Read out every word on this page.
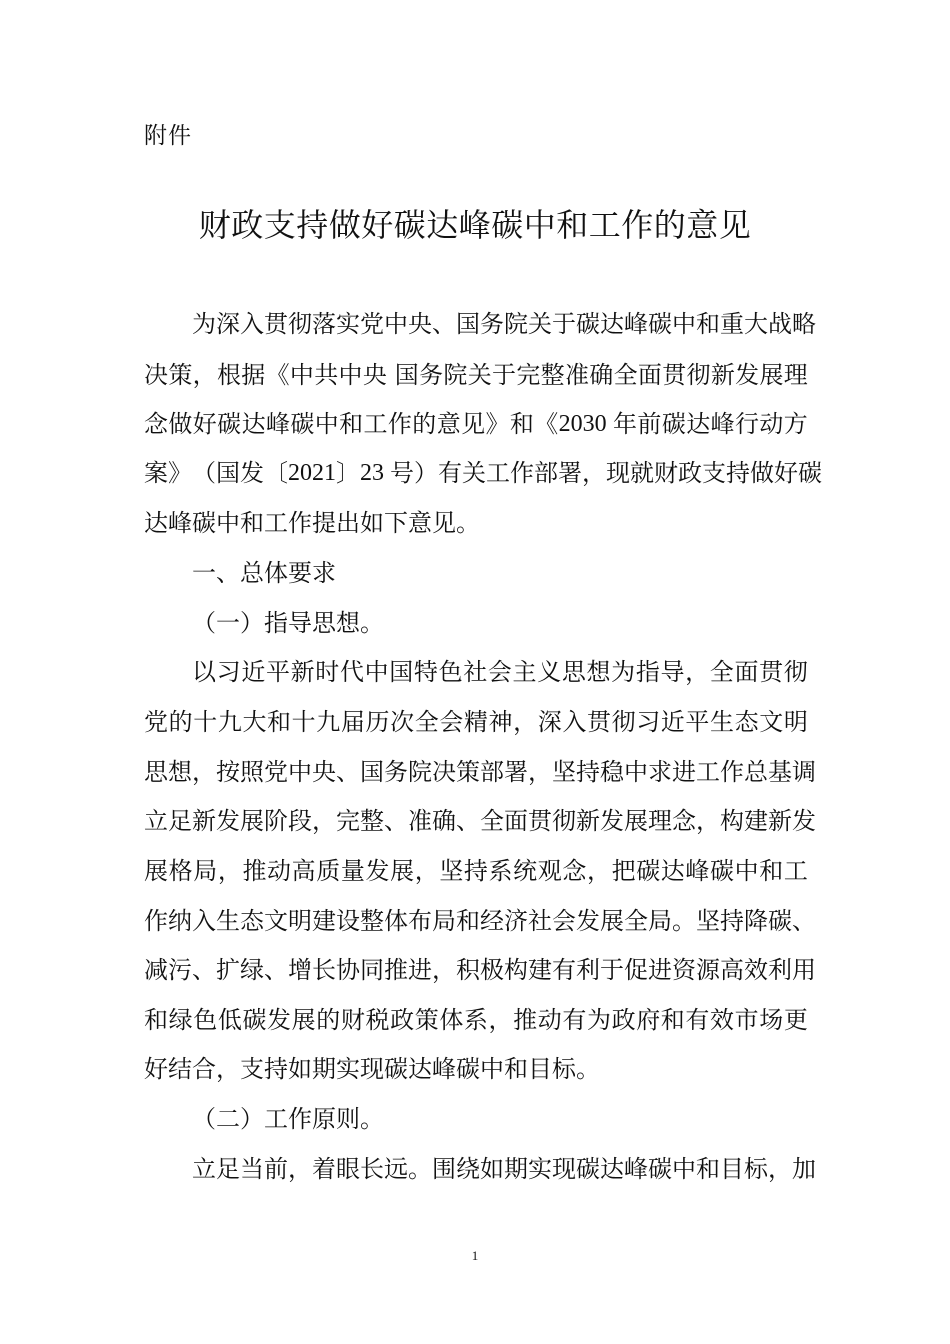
附件
财政支持做好碳达峰碳中和工作的意见
为 深 入 贯 彻 落 实 党 中 央 、 国 务 院 关 于 碳 达 峰 碳 中 和 重 大 战 略
决 策 ， 根 据 《 中 共 中 央 国 务 院 关 于 完 整 准 确 全 面 贯 彻 新 发 展 理
念 做 好 碳 达 峰 碳 中 和 工 作 的 意 见 》 和 《 2030 年 前 碳 达 峰 行 动 方
案 》 （ 国 发 〔 2021 〕 23 号 ） 有 关 工 作 部 署 ， 现 就 财 政 支 持 做 好 碳
达峰碳中和工作提出如下意见。
一、总体要求
（一）指导思想。
以 习 近 平 新 时 代 中 国 特 色 社 会 主 义 思 想 为 指 导 ， 全 面 贯 彻
党 的 十 九 大 和 十 九 届 历 次 全 会 精 神 ， 深 入 贯 彻 习 近 平 生 态 文 明
思 想 ， 按 照 党 中 央 、 国 务 院 决 策 部 署 ， 坚 持 稳 中 求 进 工 作 总 基 调
立 足 新 发 展 阶 段 ， 完 整 、 准 确 、 全 面 贯 彻 新 发 展 理 念 ， 构 建 新 发
展 格 局 ， 推 动 高 质 量 发 展 ， 坚 持 系 统 观 念 ， 把 碳 达 峰 碳 中 和 工
作 纳 入 生 态 文 明 建 设 整 体 布 局 和 经 济 社 会 发 展 全 局 。 坚 持 降 碳 、
减 污 、 扩 绿 、 增 长 协 同 推 进 ， 积 极 构 建 有 利 于 促 进 资 源 高 效 利 用
和 绿 色 低 碳 发 展 的 财 税 政 策 体 系 ， 推 动 有 为 政 府 和 有 效 市 场 更
好结合，支持如期实现碳达峰碳中和目标。
（二）工作原则。
立 足 当 前 ， 着 眼 长 远 。 围 绕 如 期 实 现 碳 达 峰 碳 中 和 目 标 ， 加
1
